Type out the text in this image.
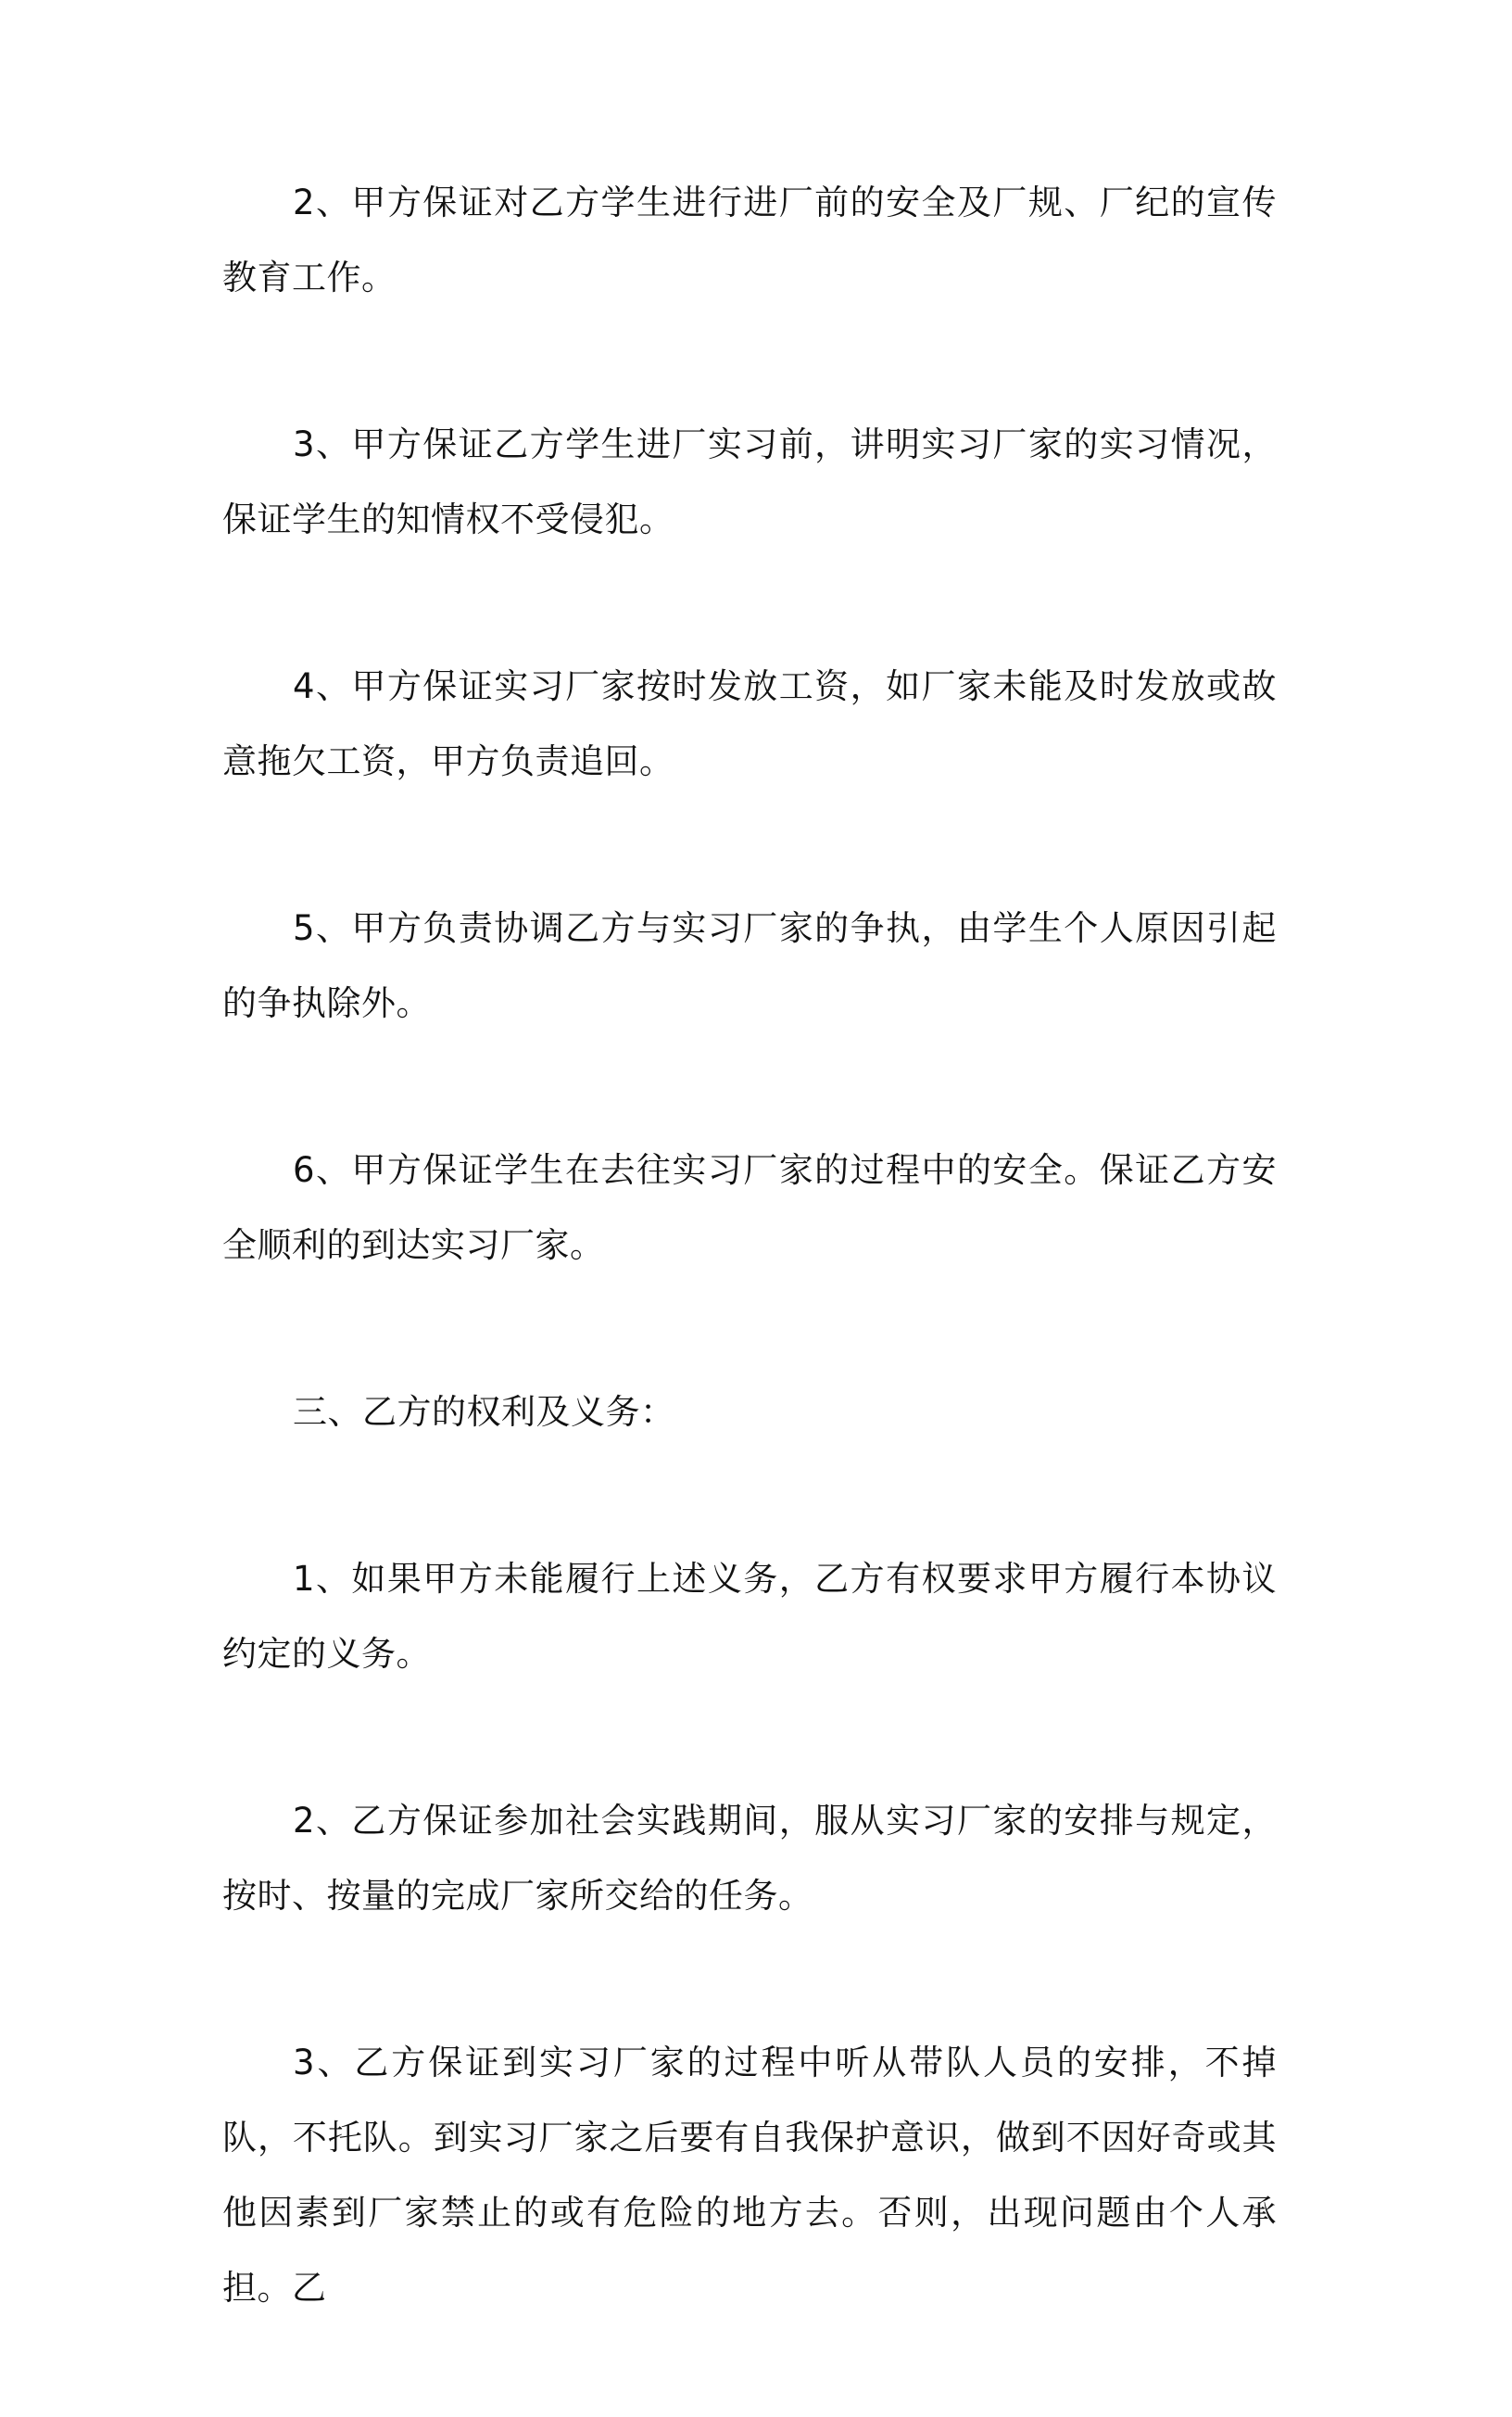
2、甲方保证对乙方学生进行进厂前的安全及厂规、厂纪的宣传教育工作。

3、甲方保证乙方学生进厂实习前，讲明实习厂家的实习情况，保证学生的知情权不受侵犯。

4、甲方保证实习厂家按时发放工资，如厂家未能及时发放或故意拖欠工资，甲方负责追回。

5、甲方负责协调乙方与实习厂家的争执，由学生个人原因引起的争执除外。

6、甲方保证学生在去往实习厂家的过程中的安全。保证乙方安全顺利的到达实习厂家。

三、乙方的权利及义务：

1、如果甲方未能履行上述义务，乙方有权要求甲方履行本协议约定的义务。

2、乙方保证参加社会实践期间，服从实习厂家的安排与规定，按时、按量的完成厂家所交给的任务。

3、乙方保证到实习厂家的过程中听从带队人员的安排，不掉队，不托队。到实习厂家之后要有自我保护意识，做到不因好奇或其他因素到厂家禁止的或有危险的地方去。否则，出现问题由个人承担。乙
